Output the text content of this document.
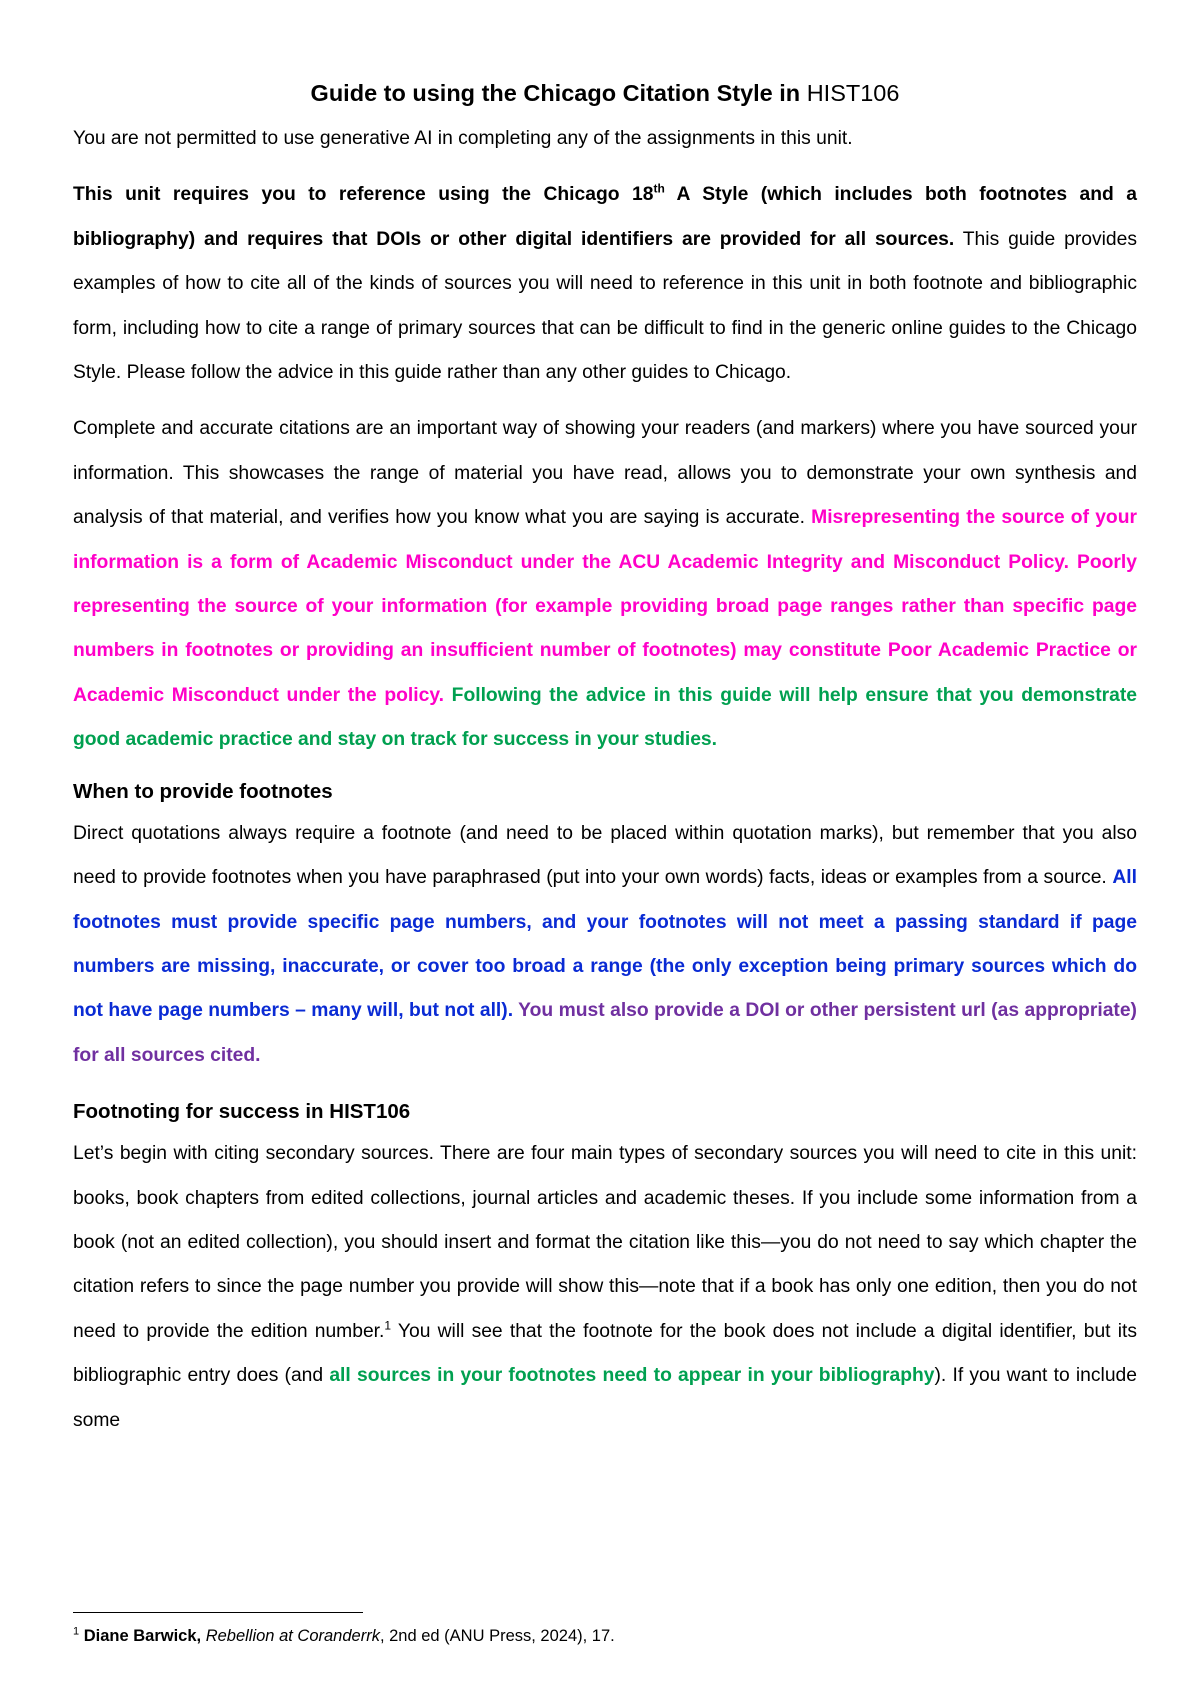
Guide to using the Chicago Citation Style in HIST106

You are not permitted to use generative AI in completing any of the assignments in this unit.

This unit requires you to reference using the Chicago 18th A Style (which includes both footnotes and a bibliography) and requires that DOIs or other digital identifiers are provided for all sources. This guide provides examples of how to cite all of the kinds of sources you will need to reference in this unit in both footnote and bibliographic form, including how to cite a range of primary sources that can be difficult to find in the generic online guides to the Chicago Style. Please follow the advice in this guide rather than any other guides to Chicago.

Complete and accurate citations are an important way of showing your readers (and markers) where you have sourced your information. This showcases the range of material you have read, allows you to demonstrate your own synthesis and analysis of that material, and verifies how you know what you are saying is accurate. Misrepresenting the source of your information is a form of Academic Misconduct under the ACU Academic Integrity and Misconduct Policy. Poorly representing the source of your information (for example providing broad page ranges rather than specific page numbers in footnotes or providing an insufficient number of footnotes) may constitute Poor Academic Practice or Academic Misconduct under the policy. Following the advice in this guide will help ensure that you demonstrate good academic practice and stay on track for success in your studies.

When to provide footnotes

Direct quotations always require a footnote (and need to be placed within quotation marks), but remember that you also need to provide footnotes when you have paraphrased (put into your own words) facts, ideas or examples from a source. All footnotes must provide specific page numbers, and your footnotes will not meet a passing standard if page numbers are missing, inaccurate, or cover too broad a range (the only exception being primary sources which do not have page numbers – many will, but not all). You must also provide a DOI or other persistent url (as appropriate) for all sources cited.

Footnoting for success in HIST106

Let’s begin with citing secondary sources. There are four main types of secondary sources you will need to cite in this unit: books, book chapters from edited collections, journal articles and academic theses. If you include some information from a book (not an edited collection), you should insert and format the citation like this—you do not need to say which chapter the citation refers to since the page number you provide will show this—note that if a book has only one edition, then you do not need to provide the edition number.$^1$ You will see that the footnote for the book does not include a digital identifier, but its bibliographic entry does (and all sources in your footnotes need to appear in your bibliography). If you want to include some

$^1$ Diane Barwick, Rebellion at Coranderrk, 2nd ed (ANU Press, 2024), 17.
